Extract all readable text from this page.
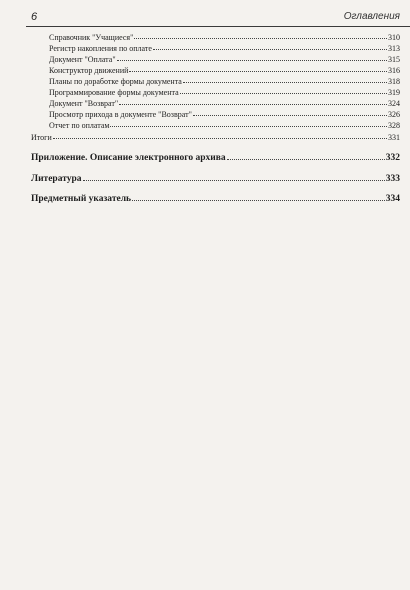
6	Оглавления
Справочник "Учащиеся"	310
Регистр накопления по оплате	313
Документ "Оплата"	315
Конструктор движений	316
Планы по доработке формы документа	318
Программирование формы документа	319
Документ "Возврат"	324
Просмотр прихода в документе "Возврат"	326
Отчет по оплатам	328
Итоги	331
Приложение. Описание электронного архива	332
Литература	333
Предметный указатель	334
